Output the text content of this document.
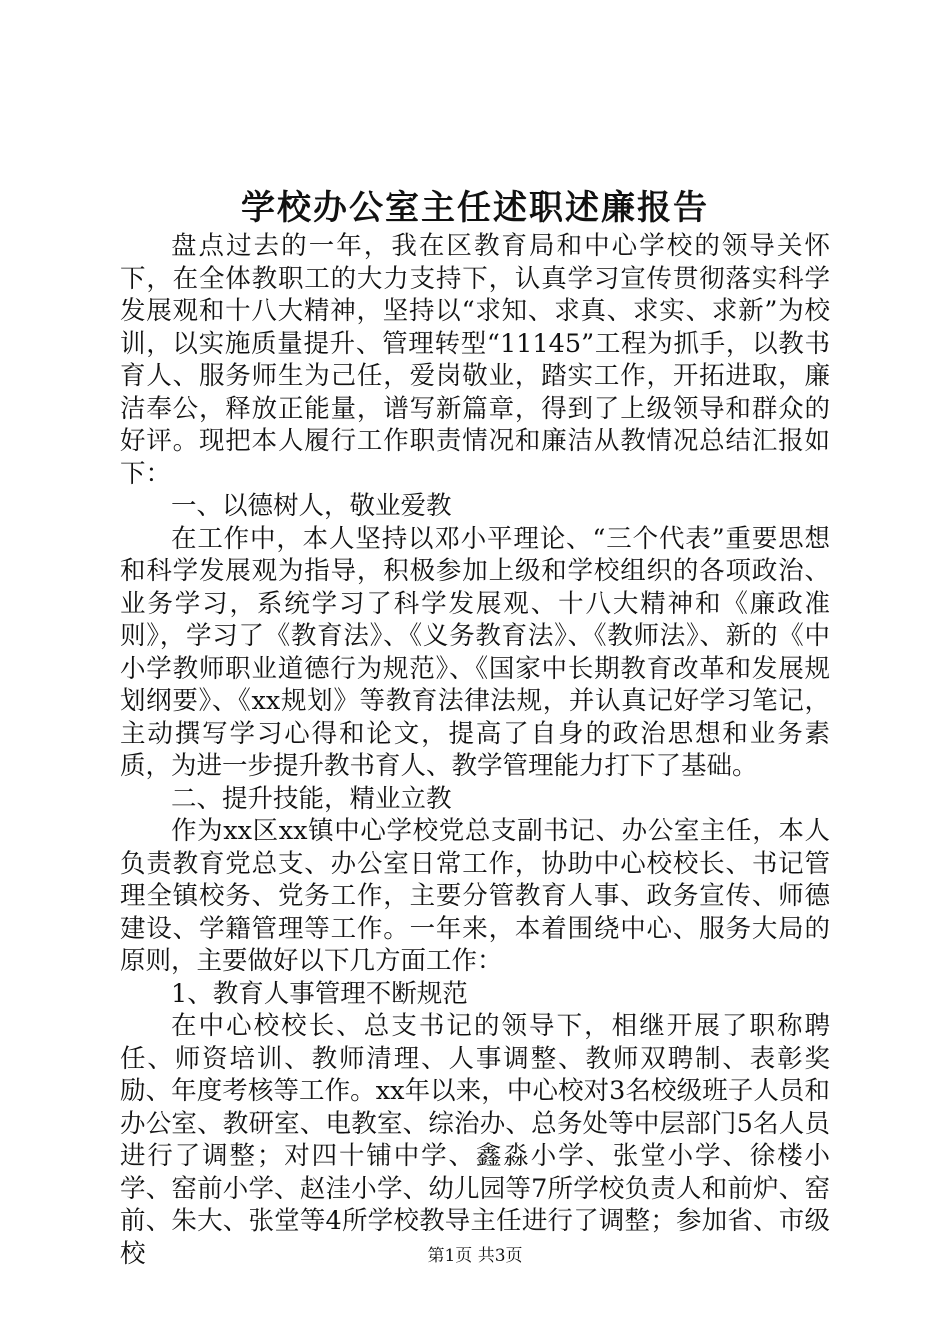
学校办公室主任述职述廉报告

盘点过去的一年，我在区教育局和中心学校的领导关怀下，在全体教职工的大力支持下，认真学习宣传贯彻落实科学发展观和十八大精神，坚持以“求知、求真、求实、求新”为校训，以实施质量提升、管理转型“11145”工程为抓手，以教书育人、服务师生为己任，爱岗敬业，踏实工作，开拓进取，廉洁奉公，释放正能量，谱写新篇章，得到了上级领导和群众的好评。现把本人履行工作职责情况和廉洁从教情况总结汇报如下：

一、以德树人，敬业爱教

在工作中，本人坚持以邓小平理论、“三个代表”重要思想和科学发展观为指导，积极参加上级和学校组织的各项政治、业务学习，系统学习了科学发展观、十八大精神和《廉政准则》，学习了《教育法》、《义务教育法》、《教师法》、新的《中小学教师职业道德行为规范》、《国家中长期教育改革和发展规划纲要》、《xx规划》等教育法律法规，并认真记好学习笔记，主动撰写学习心得和论文，提高了自身的政治思想和业务素质，为进一步提升教书育人、教学管理能力打下了基础。

二、提升技能，精业立教

作为xx区xx镇中心学校党总支副书记、办公室主任，本人负责教育党总支、办公室日常工作，协助中心校校长、书记管理全镇校务、党务工作，主要分管教育人事、政务宣传、师德建设、学籍管理等工作。一年来，本着围绕中心、服务大局的原则，主要做好以下几方面工作：

1、教育人事管理不断规范

在中心校校长、总支书记的领导下，相继开展了职称聘任、师资培训、教师清理、人事调整、教师双聘制、表彰奖励、年度考核等工作。xx年以来，中心校对3名校级班子人员和办公室、教研室、电教室、综治办、总务处等中层部门5名人员进行了调整；对四十铺中学、鑫淼小学、张堂小学、徐楼小学、窑前小学、赵洼小学、幼儿园等7所学校负责人和前炉、窑前、朱大、张堂等4所学校教导主任进行了调整；参加省、市级校	第1页 共3页
